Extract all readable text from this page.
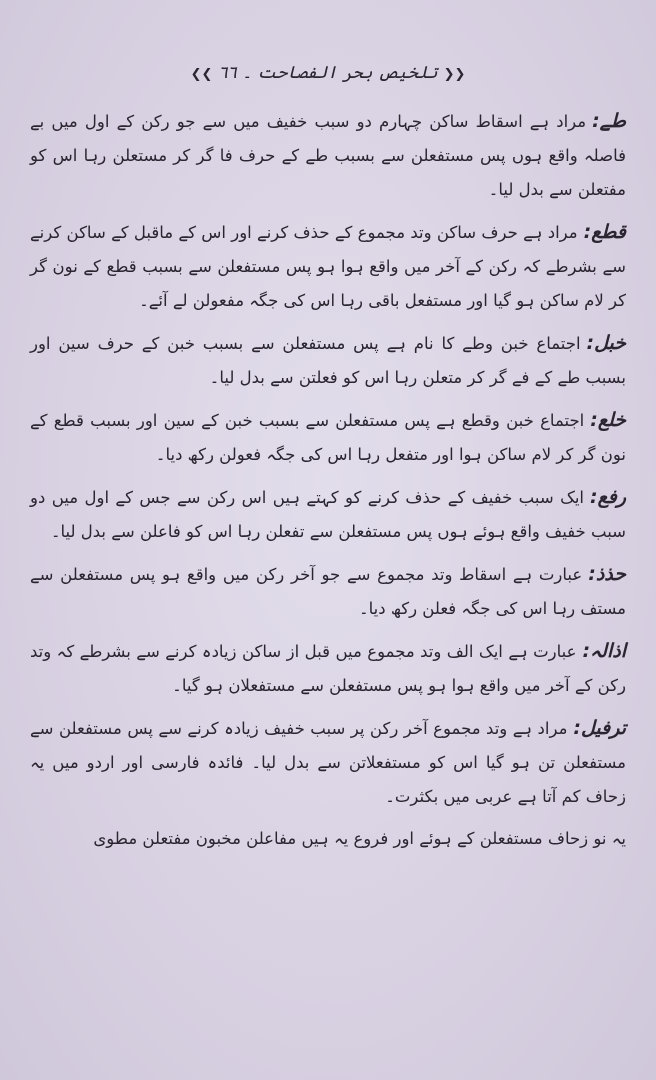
❮❮ تلخیص بحر الفصاحت ۔ ٦٦ ❯❯

طے:مراد ہے اسقاط ساکن چہارم دو سبب خفیف میں سے جو رکن کے اول میں بے فاصلہ واقع ہوں پس مستفعلن سے بسبب طے کے حرف فا گر کر مستعلن رہا اس کو مفتعلن سے بدل لیا۔

قطع:مراد ہے حرف ساکن وتد مجموع کے حذف کرنے اور اس کے ماقبل کے ساکن کرنے سے بشرطے کہ رکن کے آخر میں واقع ہوا ہو پس مستفعلن سے بسبب قطع کے نون گر کر لام ساکن ہو گیا اور مستفعل باقی رہا اس کی جگہ مفعولن لے آئے۔

خبل:اجتماع خبن وطے کا نام ہے پس مستفعلن سے بسبب خبن کے حرف سین اور بسبب طے کے فے گر کر متعلن رہا اس کو فعلتن سے بدل لیا۔

خلع:اجتماع خبن وقطع ہے پس مستفعلن سے بسبب خبن کے سین اور بسبب قطع کے نون گر کر لام ساکن ہوا اور متفعل رہا اس کی جگہ فعولن رکھ دیا۔

رفع:ایک سبب خفیف کے حذف کرنے کو کہتے ہیں اس رکن سے جس کے اول میں دو سبب خفیف واقع ہوئے ہوں پس مستفعلن سے تفعلن رہا اس کو فاعلن سے بدل لیا۔

حذذ:عبارت ہے اسقاط وتد مجموع سے جو آخر رکن میں واقع ہو پس مستفعلن سے مستف رہا اس کی جگہ فعلن رکھ دیا۔

اذالہ:عبارت ہے ایک الف وتد مجموع میں قبل از ساکن زیادہ کرنے سے بشرطے کہ وتد رکن کے آخر میں واقع ہوا ہو پس مستفعلن سے مستفعلان ہو گیا۔

ترفیل:مراد ہے وتد مجموع آخر رکن پر سبب خفیف زیادہ کرنے سے پس مستفعلن سے مستفعلن تن ہو گیا اس کو مستفعلاتن سے بدل لیا۔ فائدہ فارسی اور اردو میں یہ زحاف کم آتا ہے عربی میں بکثرت۔

یہ نو زحاف مستفعلن کے ہوئے اور فروع یہ ہیں مفاعلن مخبون مفتعلن مطوی
